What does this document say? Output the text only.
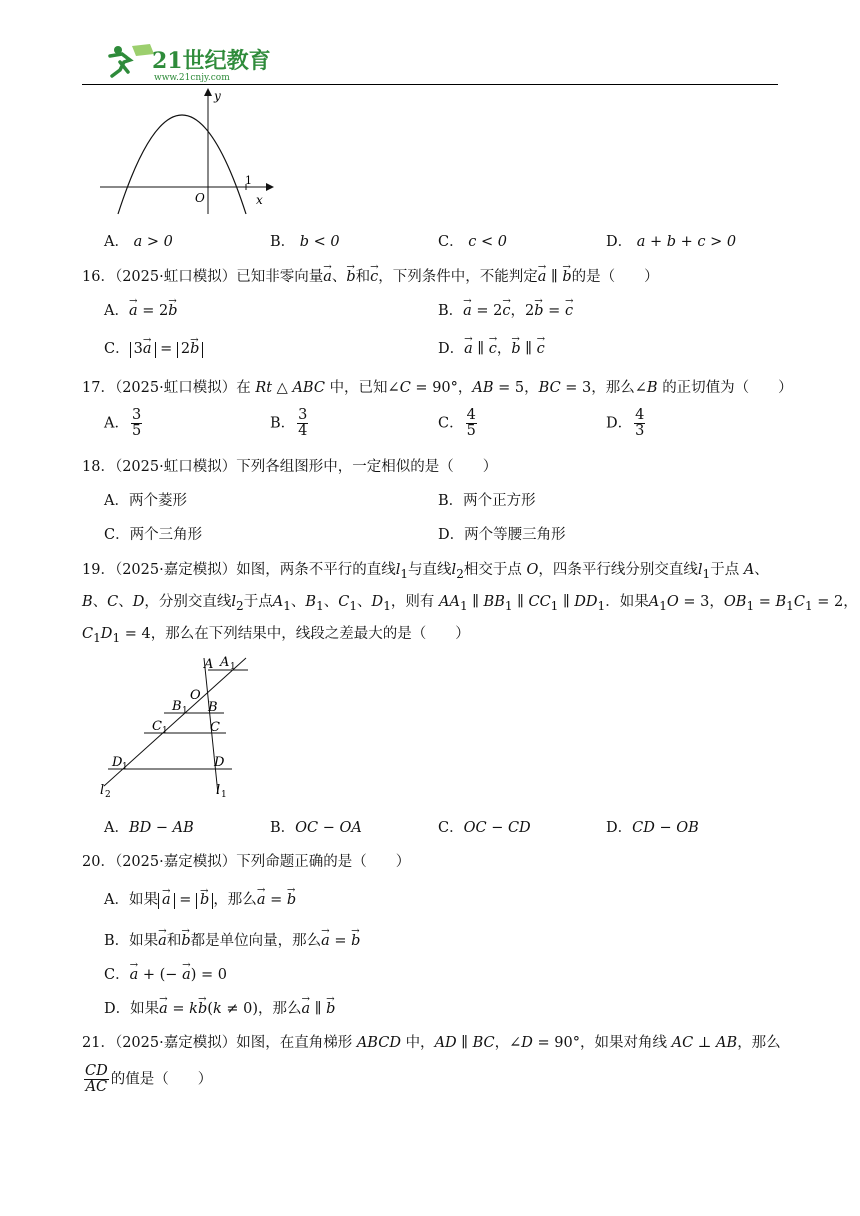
21世纪教育
www.21cnjy.com
y
O
1
x
A． a > 0	B． b < 0	C． c < 0	D． a + b + c > 0
16．（2025·虹口模拟）已知非零向量→ a、→ b和→ c，下列条件中，不能判定→ a ∥ → b的是（　　）
A．→ a = 2→ b	B．→ a = 2→ c，2→ b = → c
C． 3→ a = 2→ b	D．→ a ∥ → c，→ b ∥ → c
17．（2025·虹口模拟）在 Rt △ ABC 中，已知∠C = 90°，AB = 5，BC = 3，那么∠B 的正切值为（　　）
A． $\frac{3}{5}$	B． $\frac{3}{4}$	C． $\frac{4}{5}$	D． $\frac{4}{3}$
18．（2025·虹口模拟）下列各组图形中，一定相似的是（　　）
A．两个菱形	B．两个正方形
C．两个三角形	D．两个等腰三角形
19．（2025·嘉定模拟）如图，两条不平行的直线$l_1$与直线$l_2$相交于点 O，四条平行线分别交直线$l_1$于点 A、
B、C、D，分别交直线$l_2$于点$A_1$、$B_1$、$C_1$、$D_1$，则有 $AA_1$ ∥ $BB_1$ ∥ $CC_1$ ∥ $DD_1$．如果$A_1O = 3$，$OB_1 = B_1C_1 = 2$，
$C_1D_1 = 4$，那么在下列结果中，线段之差最大的是（　　）
A A 1
O
B 1 B
C 1	C
D 1	D
l 2	l 1
A．BD − AB	B．OC − OA	C．OC − CD	D．CD − OB
20．（2025·嘉定模拟）下列命题正确的是（　　）
A．如果→ a = → b ，那么→ a = → b
B．如果→ a和→ b都是单位向量，那么→ a = → b
C．→ a + (− → a) = 0
D．如果→ a = k→ b(k ≠ 0)，那么→ a ∥ → b
21．（2025·嘉定模拟）如图，在直角梯形 ABCD 中，AD ∥ BC，∠D = 90°，如果对角线 AC ⊥ AB，那么
$\frac{CD}{AC}$ 的值是（　　）
